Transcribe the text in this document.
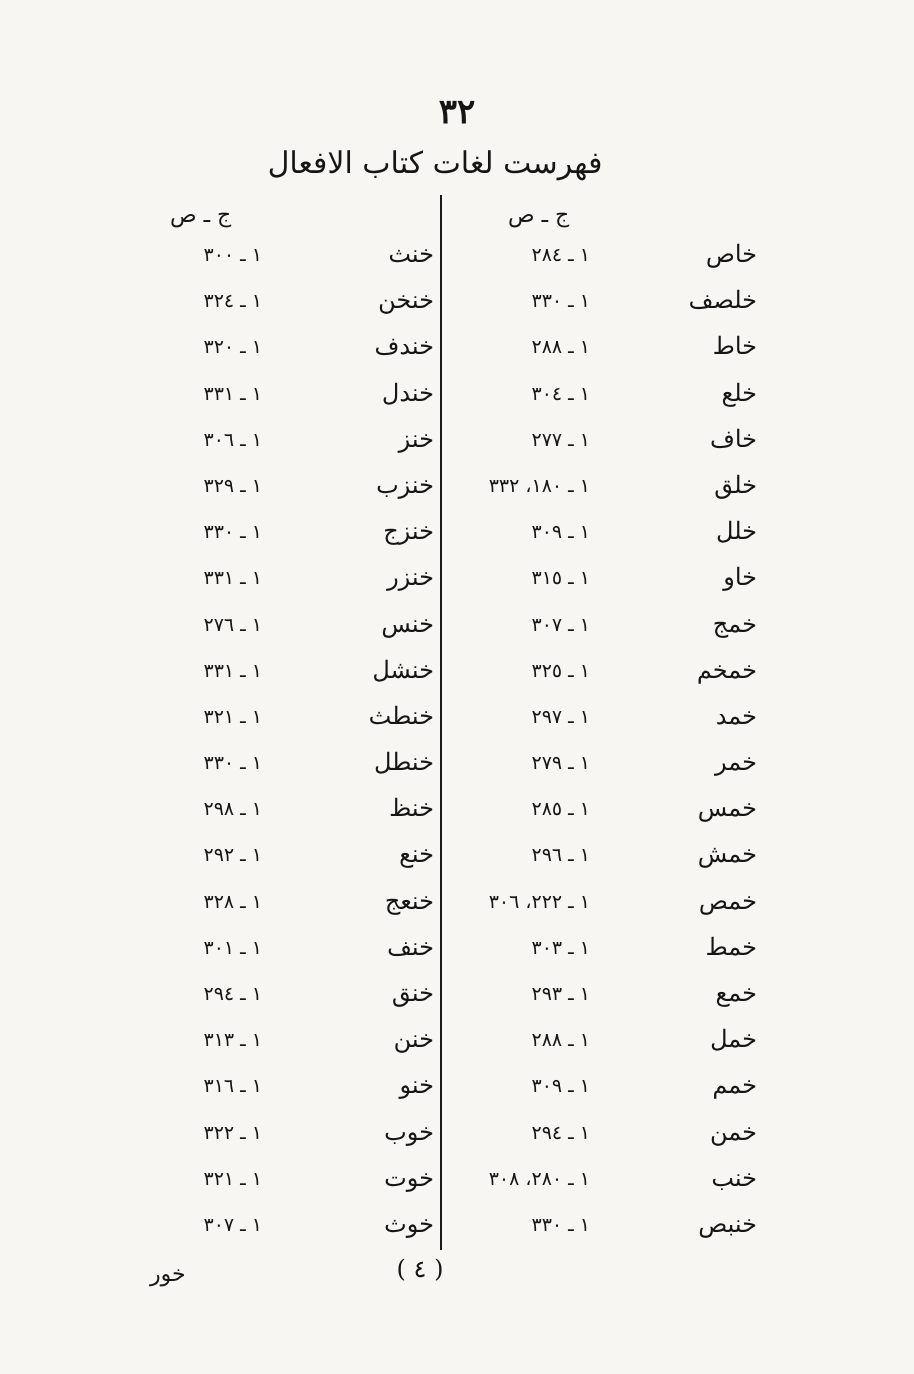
٣٢
فهرست لغات كتاب الافعال
ج ـ ص
ج ـ ص
خاص
١ ـ ٢٨٤
خلصف
١ ـ ٣٣٠
خاط
١ ـ ٢٨٨
خلع
١ ـ ٣٠٤
خاف
١ ـ ٢٧٧
خلق
١ ـ ١٨٠، ٣٣٢
خلل
١ ـ ٣٠٩
خاو
١ ـ ٣١٥
خمج
١ ـ ٣٠٧
خمخم
١ ـ ٣٢٥
خمد
١ ـ ٢٩٧
خمر
١ ـ ٢٧٩
خمس
١ ـ ٢٨٥
خمش
١ ـ ٢٩٦
خمص
١ ـ ٢٢٢، ٣٠٦
خمط
١ ـ ٣٠٣
خمع
١ ـ ٢٩٣
خمل
١ ـ ٢٨٨
خمم
١ ـ ٣٠٩
خمن
١ ـ ٢٩٤
خنب
١ ـ ٢٨٠، ٣٠٨
خنبص
١ ـ ٣٣٠
خنث
١ ـ ٣٠٠
خنخن
١ ـ ٣٢٤
خندف
١ ـ ٣٢٠
خندل
١ ـ ٣٣١
خنز
١ ـ ٣٠٦
خنزب
١ ـ ٣٢٩
خنزج
١ ـ ٣٣٠
خنزر
١ ـ ٣٣١
خنس
١ ـ ٢٧٦
خنشل
١ ـ ٣٣١
خنطث
١ ـ ٣٢١
خنطل
١ ـ ٣٣٠
خنظ
١ ـ ٢٩٨
خنع
١ ـ ٢٩٢
خنعج
١ ـ ٣٢٨
خنف
١ ـ ٣٠١
خنق
١ ـ ٢٩٤
خنن
١ ـ ٣١٣
خنو
١ ـ ٣١٦
خوب
١ ـ ٣٢٢
خوت
١ ـ ٣٢١
خوث
١ ـ ٣٠٧
( ٤ )
خور
